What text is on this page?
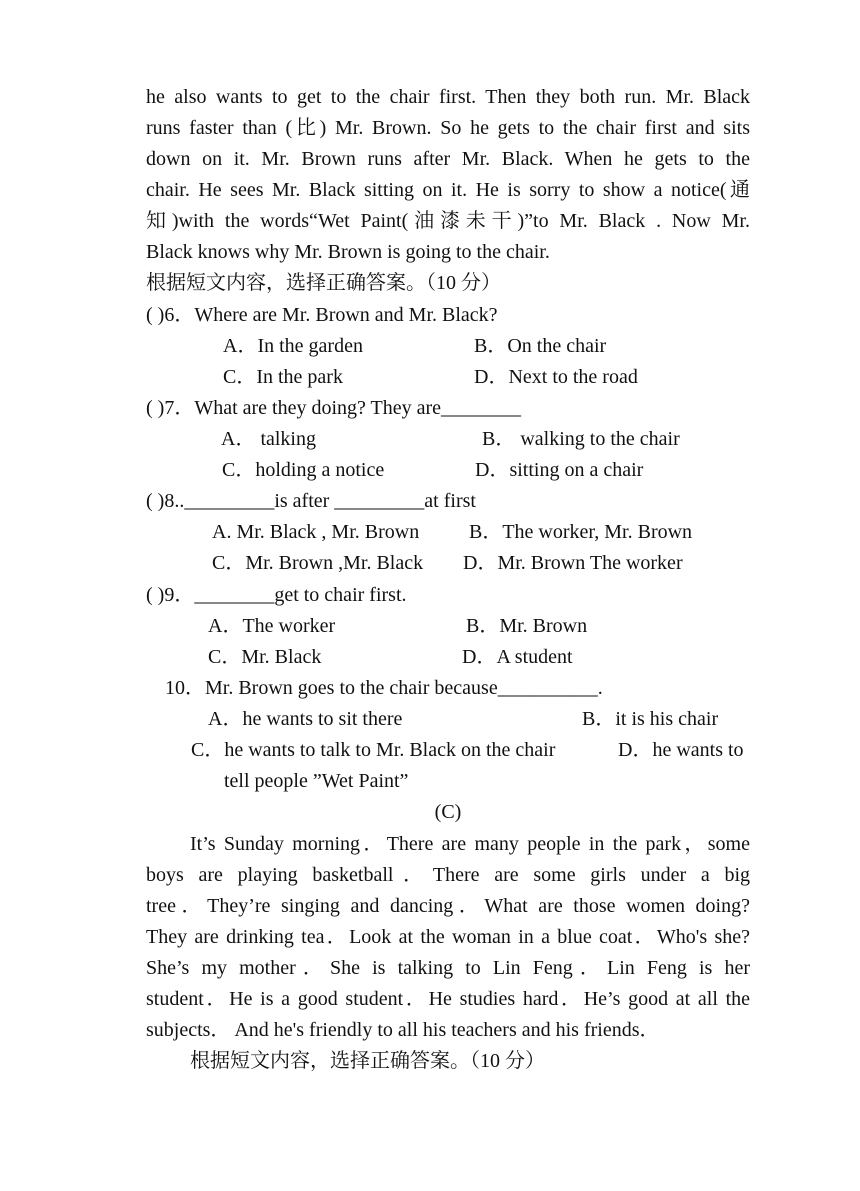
he also wants to get to the chair first. Then they both run. Mr. Black
runs faster than (比) Mr. Brown. So he gets to the chair first and sits
down on it. Mr. Brown runs after Mr. Black. When he gets to the
chair. He sees Mr. Black sitting on it. He is sorry to show a notice(通
知)with the words“Wet Paint(油漆未干)”to Mr. Black . Now Mr.
Black knows why Mr. Brown is going to the chair.
根据短文内容，选择正确答案。（10 分）
( )6．Where are Mr. Brown and Mr. Black?
A．In the garden	B．On the chair
C．In the park	D．Next to the road
( )7．What are they doing? They are________
A． talking	B． walking to the chair
C．holding a notice	D．sitting on a chair
( )8.._________is after _________at first
A. Mr. Black , Mr. Brown B．The worker, Mr. Brown
C．Mr. Brown ,Mr. Black D．Mr. Brown The worker
( )9．________get to chair first.
A．The worker	B．Mr. Brown
C．Mr. Black	D．A student
10．Mr. Brown goes to the chair because__________.
A．he wants to sit there	B．it is his chair
C．he wants to talk to Mr. Black on the chair	D．he wants to
tell people ”Wet Paint”
(C)
It’s Sunday morning．There are many people in the park，some
boys are playing basketball．There are some girls under a big
tree．They’re singing and dancing．What are those women doing?
They are drinking tea．Look at the woman in a blue coat．Who's she?
She’s my mother．She is talking to Lin Feng．Lin Feng is her
student．He is a good student．He studies hard．He’s good at all the
subjects． And he's friendly to all his teachers and his friends．
根据短文内容，选择正确答案。（10 分）
